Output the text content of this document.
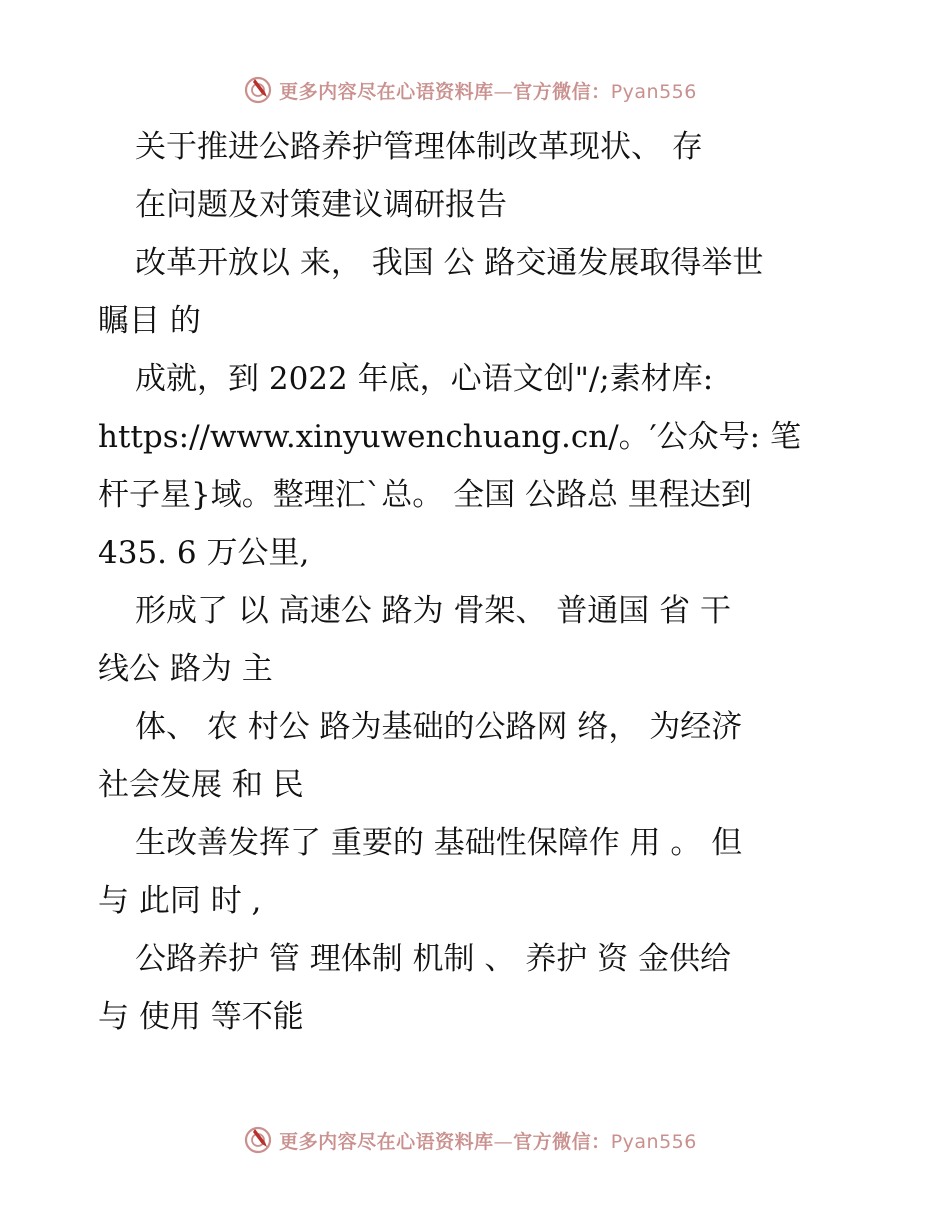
更多内容尽在心语资料库—官方微信：Pyan556
关于推进公路养护管理体制改革现状、 存
在问题及对策建议调研报告
改革开放以 来， 我国 公 路交通发展取得举世
瞩目 的
成就，到 2022 年底，心语文创"/;素材库:
https://www.xinyuwenchuang.cn/。′公众号: 笔
杆子星}域。整理汇`总。 全国 公路总 里程达到
435. 6 万公里,
形成了 以 高速公 路为 骨架、 普通国 省 干
线公 路为 主
体、 农 村公 路为基础的公路网 络， 为经济
社会发展 和 民
生改善发挥了 重要的 基础性保障作 用 。 但
与 此同 时 ,
公路养护 管 理体制 机制 、 养护 资 金供给
与 使用 等不能
更多内容尽在心语资料库—官方微信：Pyan556
